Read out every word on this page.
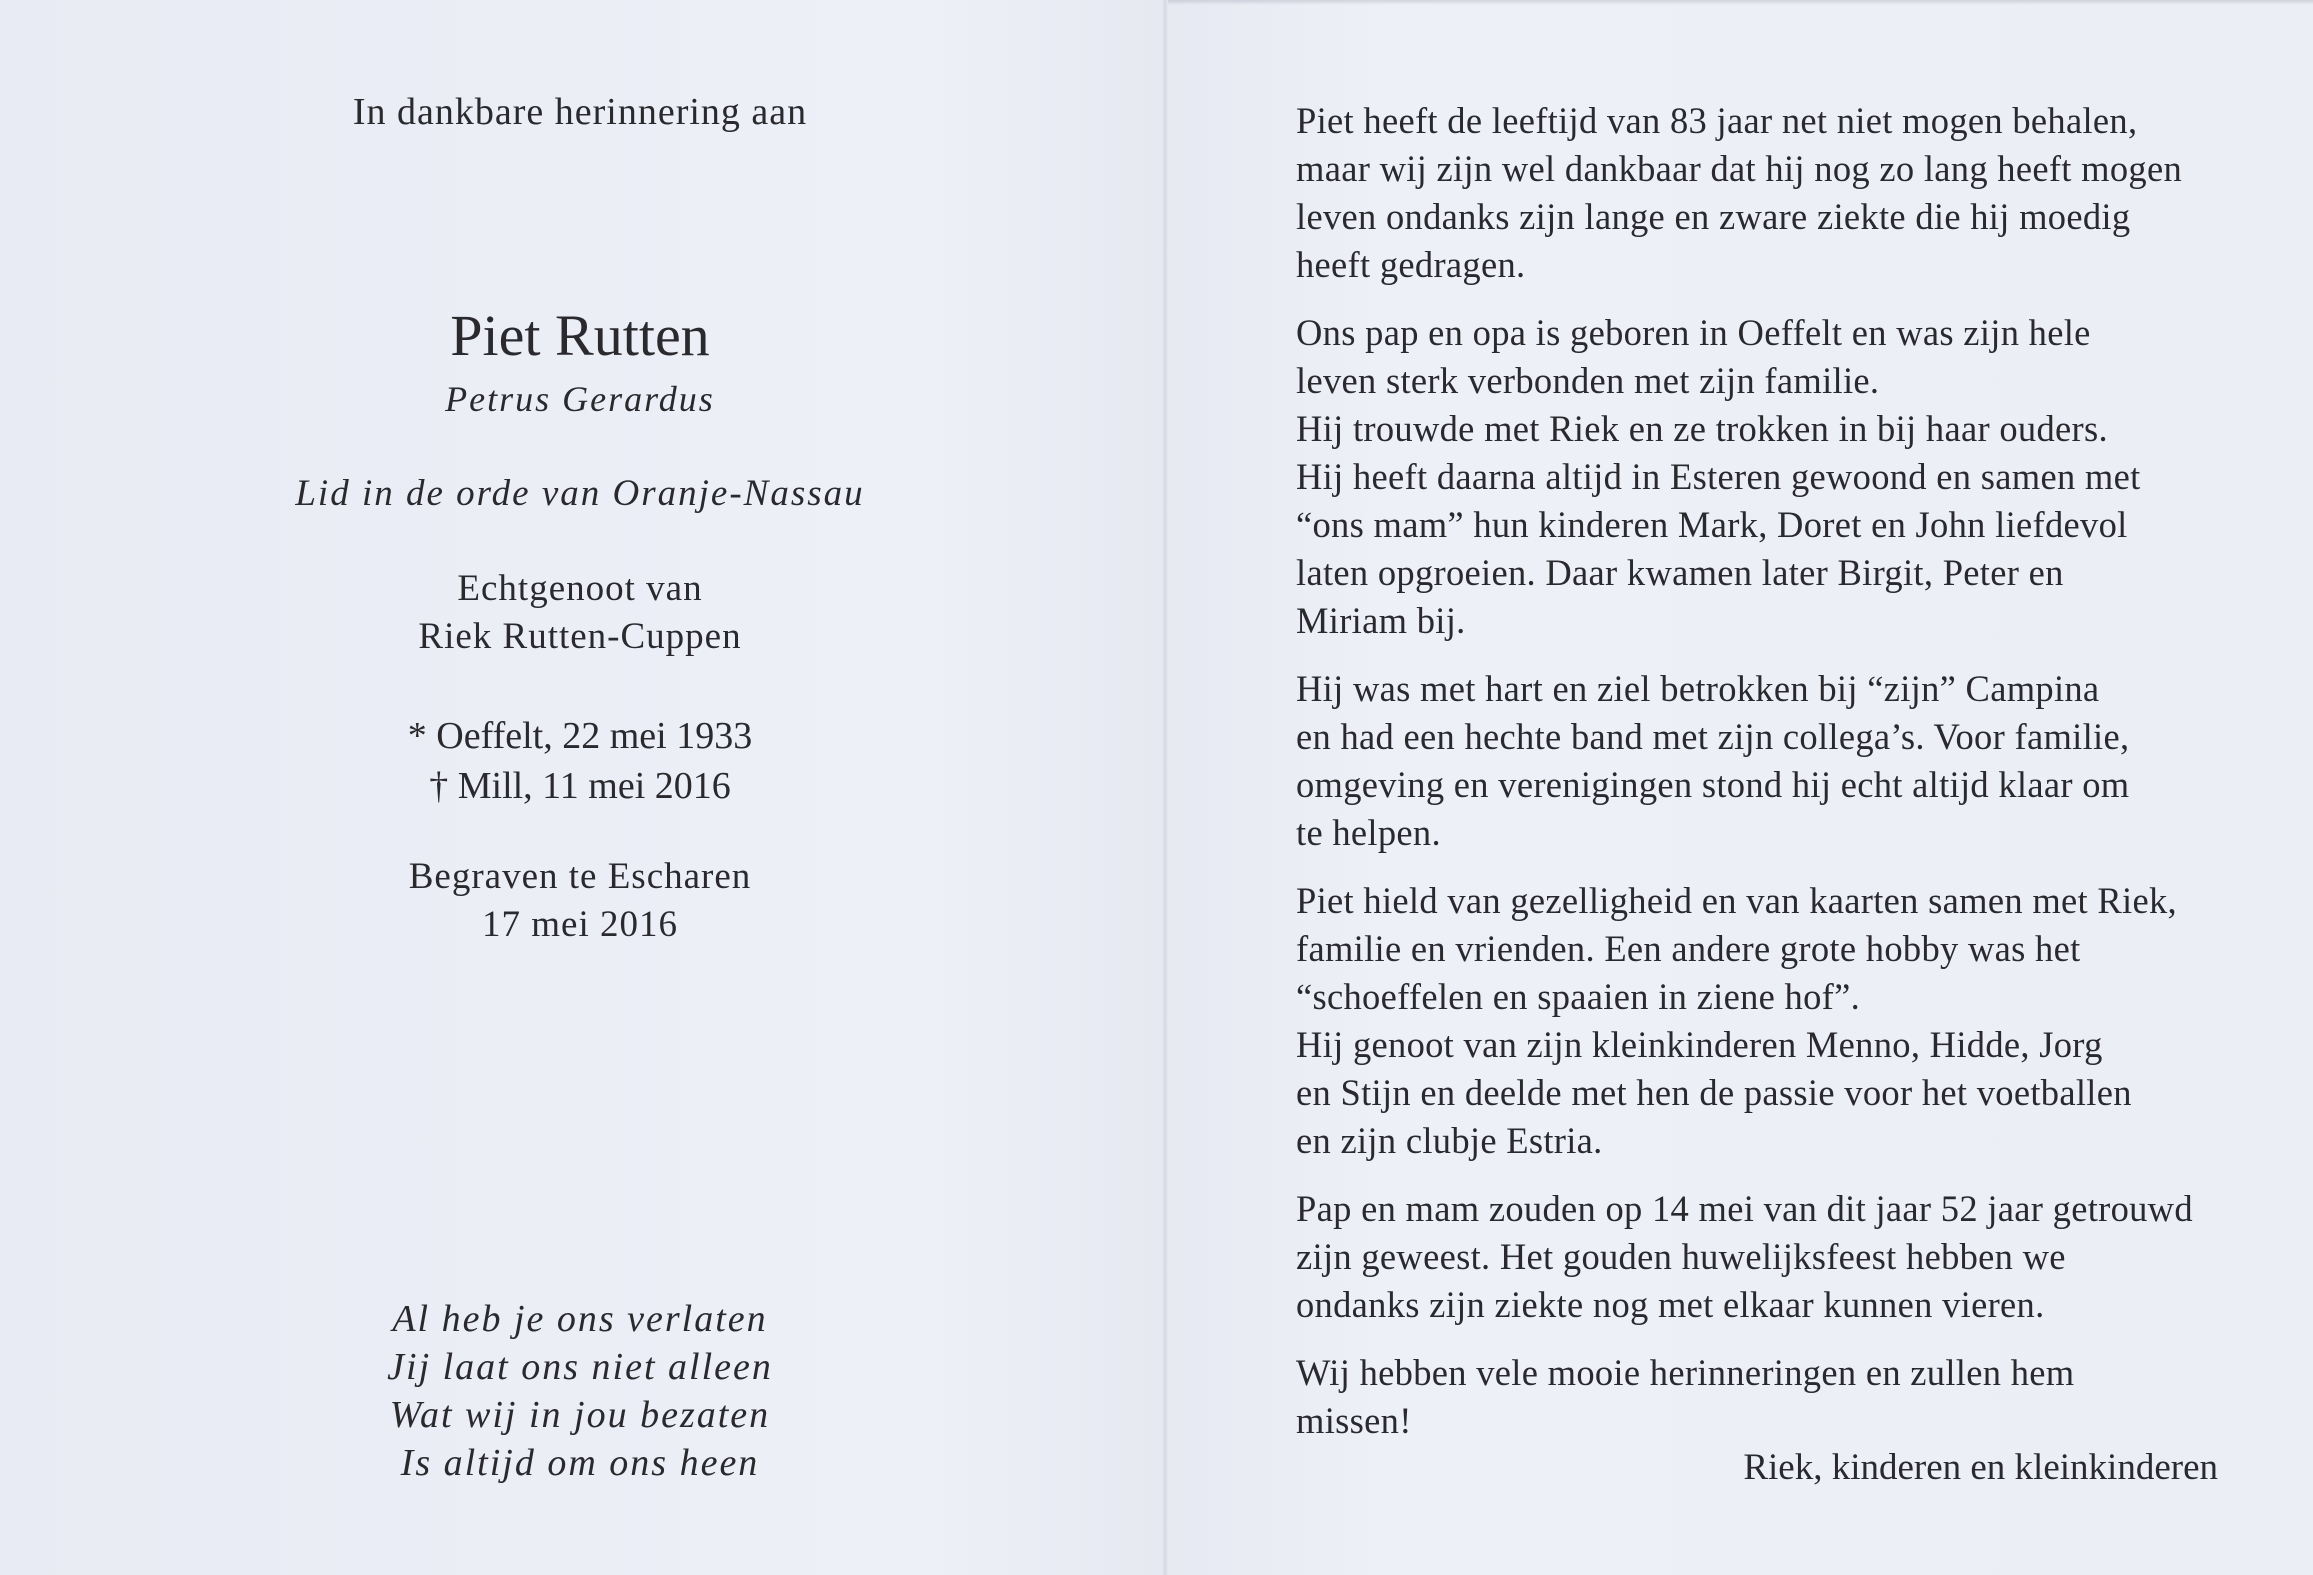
In dankbare herinnering aan
Piet Rutten
Petrus Gerardus
Lid in de orde van Oranje-Nassau
Echtgenoot van
Riek Rutten-Cuppen
* Oeffelt, 22 mei 1933
† Mill, 11 mei 2016
Begraven te Escharen
17 mei 2016
Al heb je ons verlaten
Jij laat ons niet alleen
Wat wij in jou bezaten
Is altijd om ons heen

Piet heeft de leeftijd van 83 jaar net niet mogen behalen,
maar wij zijn wel dankbaar dat hij nog zo lang heeft mogen
leven ondanks zijn lange en zware ziekte die hij moedig
heeft gedragen.

Ons pap en opa is geboren in Oeffelt en was zijn hele
leven sterk verbonden met zijn familie.
Hij trouwde met Riek en ze trokken in bij haar ouders.
Hij heeft daarna altijd in Esteren gewoond en samen met
“ons mam” hun kinderen Mark, Doret en John liefdevol
laten opgroeien. Daar kwamen later Birgit, Peter en
Miriam bij.

Hij was met hart en ziel betrokken bij “zijn” Campina
en had een hechte band met zijn collega’s. Voor familie,
omgeving en verenigingen stond hij echt altijd klaar om
te helpen.

Piet hield van gezelligheid en van kaarten samen met Riek,
familie en vrienden. Een andere grote hobby was het
“schoeffelen en spaaien in ziene hof”.
Hij genoot van zijn kleinkinderen Menno, Hidde, Jorg
en Stijn en deelde met hen de passie voor het voetballen
en zijn clubje Estria.

Pap en mam zouden op 14 mei van dit jaar 52 jaar getrouwd
zijn geweest. Het gouden huwelijksfeest hebben we
ondanks zijn ziekte nog met elkaar kunnen vieren.

Wij hebben vele mooie herinneringen en zullen hem
missen!

Riek, kinderen en kleinkinderen
